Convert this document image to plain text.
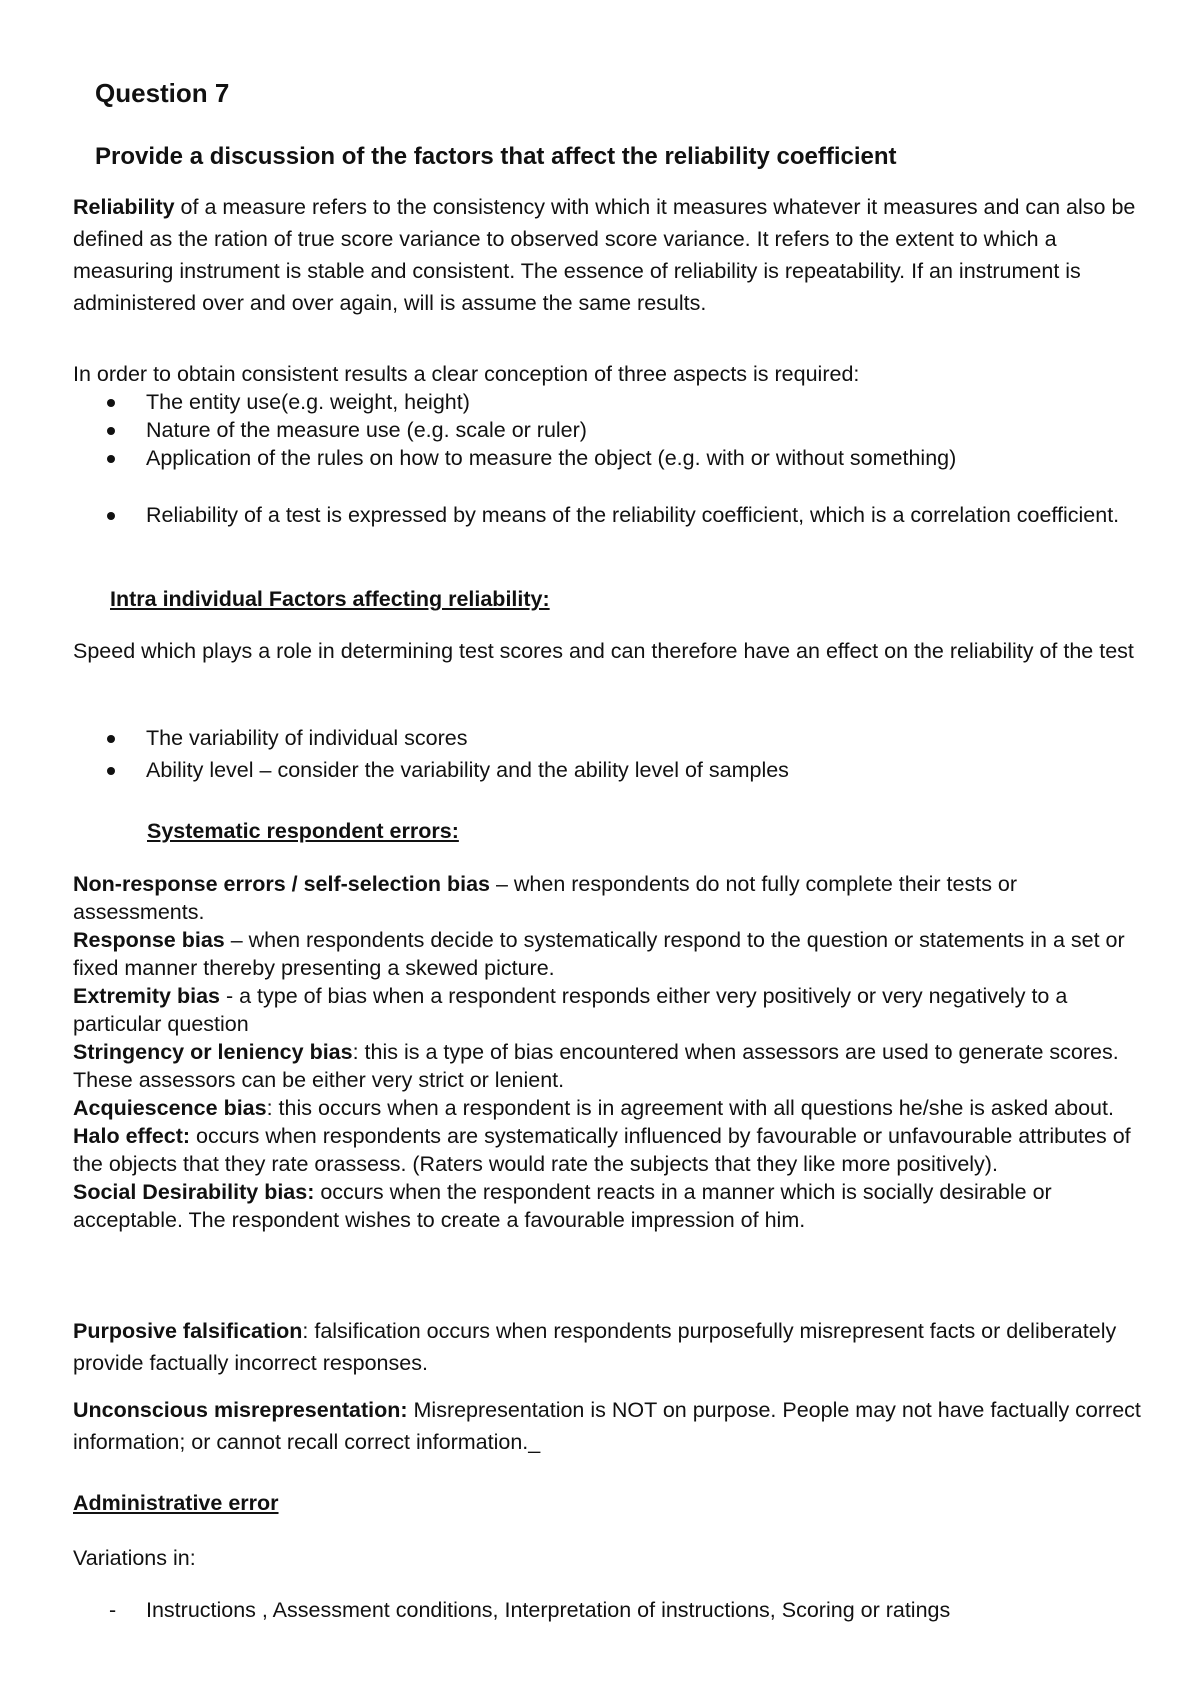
Question 7
Provide a discussion of the factors that affect the reliability coefficient

Reliability of a measure refers to the consistency with which it measures whatever it measures and can also be defined as the ration of true score variance to observed score variance. It refers to the extent to which a measuring instrument is stable and consistent. The essence of reliability is repeatability. If an instrument is administered over and over again, will is assume the same results.

In order to obtain consistent results a clear conception of three aspects is required:

The entity use(e.g. weight, height)
Nature of the measure use (e.g. scale or ruler)
Application of the rules on how to measure the object (e.g. with or without something)
Reliability of a test is expressed by means of the reliability coefficient, which is a correlation coefficient.
Intra individual Factors affecting reliability:

Speed which plays a role in determining test scores and can therefore have an effect on the reliability of the test

The variability of individual scores
Ability level – consider the variability and the ability level of samples
Systematic respondent errors:

Non-response errors / self-selection bias – when respondents do not fully complete their tests or assessments.

Response bias – when respondents decide to systematically respond to the question or statements in a set or fixed manner thereby presenting a skewed picture.

Extremity bias - a type of bias when a respondent responds either very positively or very negatively to a particular question

Stringency or leniency bias: this is a type of bias encountered when assessors are used to generate scores. These assessors can be either very strict or lenient.

Acquiescence bias: this occurs when a respondent is in agreement with all questions he/she is asked about.

Halo effect: occurs when respondents are systematically influenced by favourable or unfavourable attributes of the objects that they rate orassess. (Raters would rate the subjects that they like more positively).

Social Desirability bias: occurs when the respondent reacts in a manner which is socially desirable or acceptable. The respondent wishes to create a favourable impression of him.

Purposive falsification: falsification occurs when respondents purposefully misrepresent facts or deliberately provide factually incorrect responses.

Unconscious misrepresentation: Misrepresentation is NOT on purpose. People may not have factually correct information; or cannot recall correct information._

Administrative error

Variations in:

- Instructions , Assessment conditions, Interpretation of instructions, Scoring or ratings
